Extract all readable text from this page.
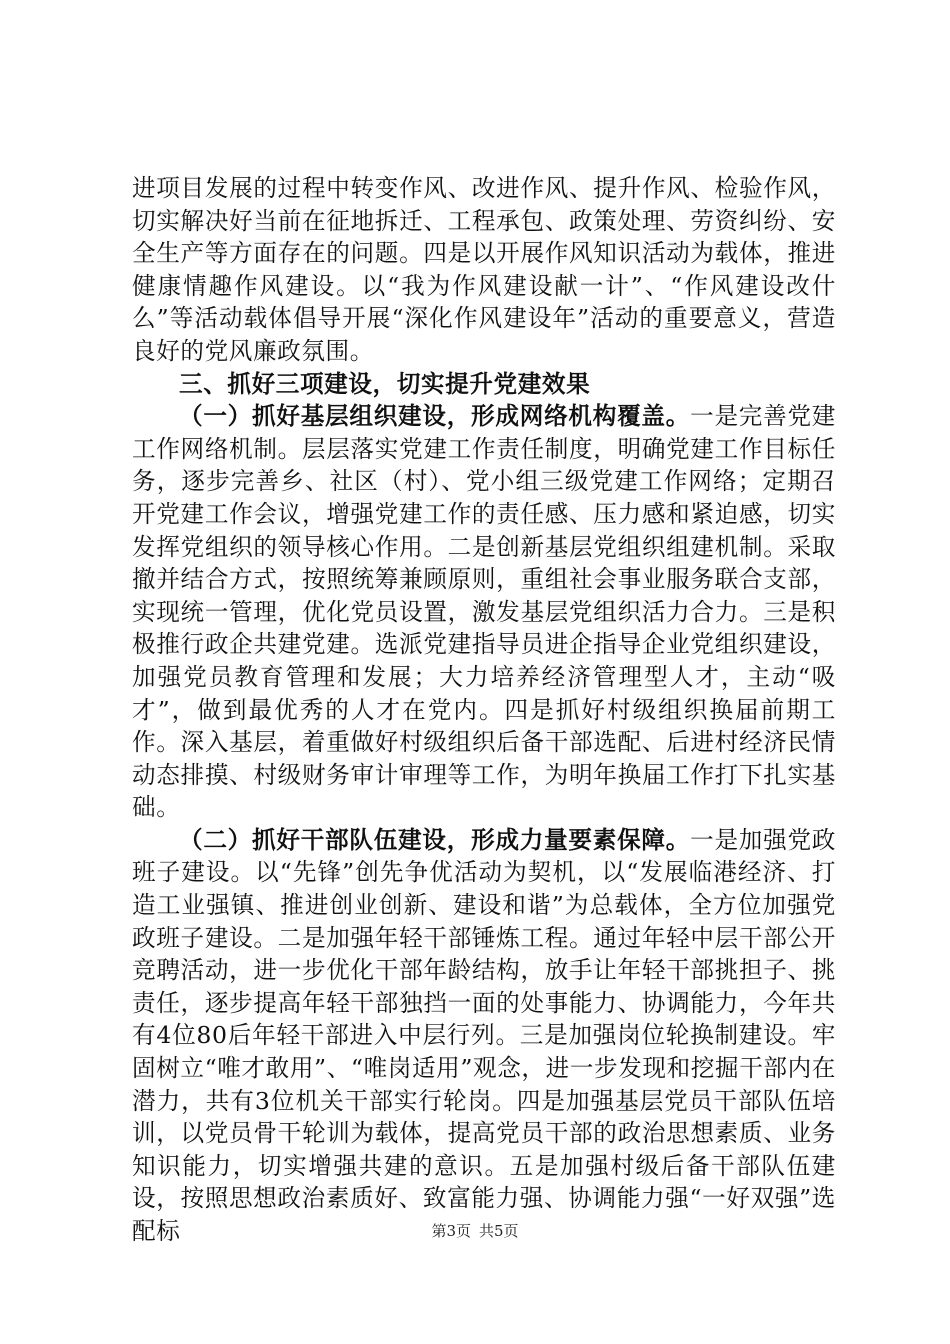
进项目发展的过程中转变作风、改进作风、提升作风、检验作风，切实解决好当前在征地拆迁、工程承包、政策处理、劳资纠纷、安全生产等方面存在的问题。四是以开展作风知识活动为载体，推进健康情趣作风建设。以“我为作风建设献一计”、“作风建设改什么”等活动载体倡导开展“深化作风建设年”活动的重要意义，营造良好的党风廉政氛围。

三、抓好三项建设，切实提升党建效果

（一）抓好基层组织建设，形成网络机构覆盖。一是完善党建工作网络机制。层层落实党建工作责任制度，明确党建工作目标任务，逐步完善乡、社区（村）、党小组三级党建工作网络；定期召开党建工作会议，增强党建工作的责任感、压力感和紧迫感，切实发挥党组织的领导核心作用。二是创新基层党组织组建机制。采取撤并结合方式，按照统筹兼顾原则，重组社会事业服务联合支部，实现统一管理，优化党员设置，激发基层党组织活力合力。三是积极推行政企共建党建。选派党建指导员进企指导企业党组织建设，加强党员教育管理和发展；大力培养经济管理型人才，主动“吸才”，做到最优秀的人才在党内。四是抓好村级组织换届前期工作。深入基层，着重做好村级组织后备干部选配、后进村经济民情动态排摸、村级财务审计审理等工作，为明年换届工作打下扎实基础。

（二）抓好干部队伍建设，形成力量要素保障。一是加强党政班子建设。以“先锋”创先争优活动为契机，以“发展临港经济、打造工业强镇、推进创业创新、建设和谐”为总载体，全方位加强党政班子建设。二是加强年轻干部锤炼工程。通过年轻中层干部公开竞聘活动，进一步优化干部年龄结构，放手让年轻干部挑担子、挑责任，逐步提高年轻干部独挡一面的处事能力、协调能力，今年共有4位80后年轻干部进入中层行列。三是加强岗位轮换制建设。牢固树立“唯才敢用”、“唯岗适用”观念，进一步发现和挖掘干部内在潜力，共有3位机关干部实行轮岗。四是加强基层党员干部队伍培训，以党员骨干轮训为载体，提高党员干部的政治思想素质、业务知识能力，切实增强共建的意识。五是加强村级后备干部队伍建设，按照思想政治素质好、致富能力强、协调能力强“一好双强”选配标	第3页 共5页
